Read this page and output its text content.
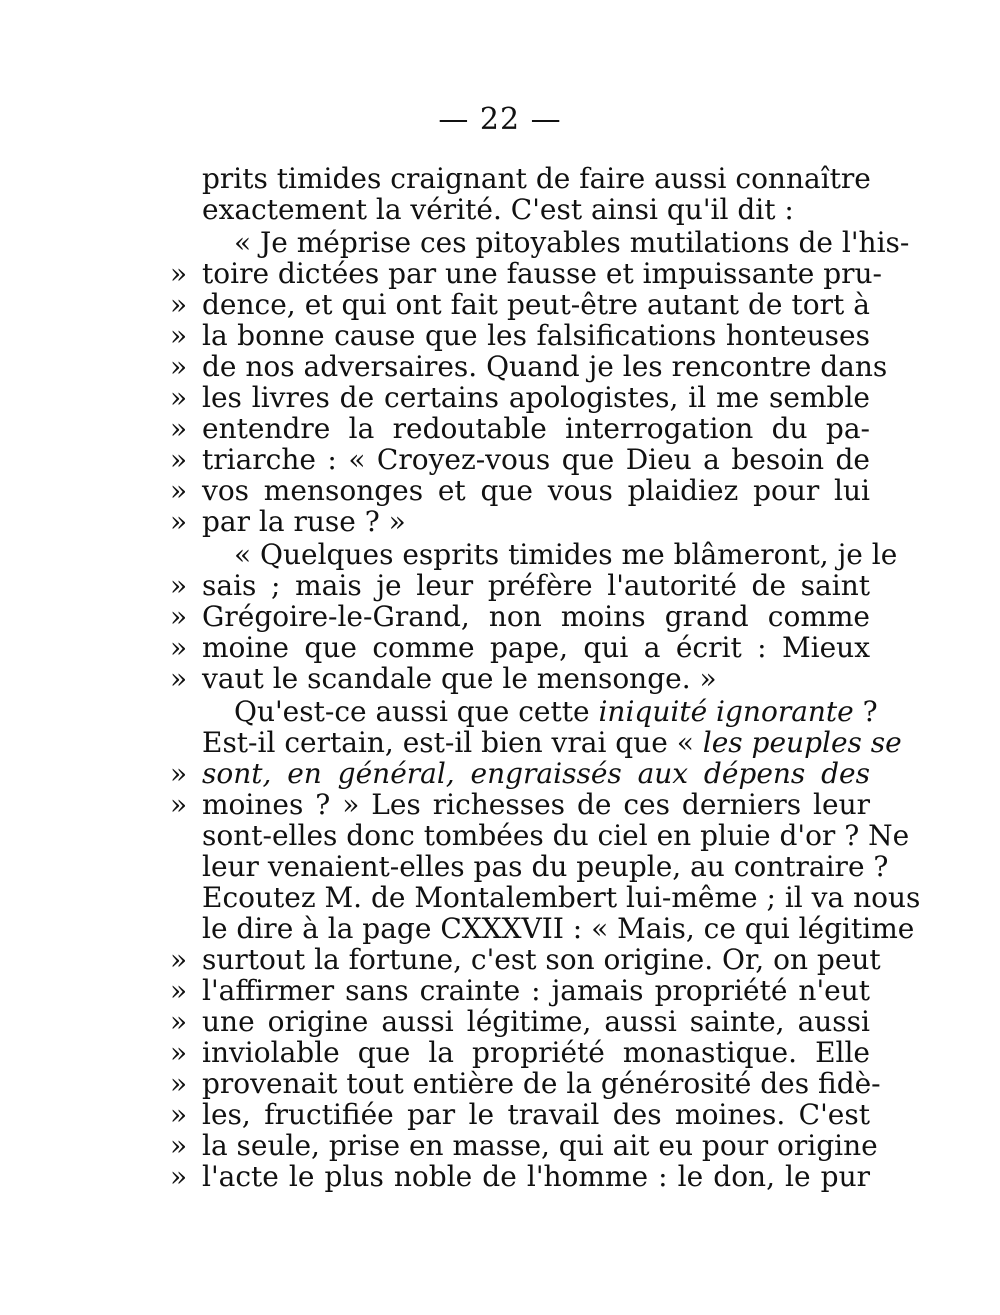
— 22 —
prits timides craignant de faire aussi connaître
exactement la vérité. C'est ainsi qu'il dit :
« Je méprise ces pitoyables mutilations de l'his-
» toire dictées par une fausse et impuissante pru-
» dence, et qui ont fait peut-être autant de tort à
» la bonne cause que les falsifications honteuses
» de nos adversaires. Quand je les rencontre dans
» les livres de certains apologistes, il me semble
» entendre la redoutable interrogation du pa-
» triarche : « Croyez-vous que Dieu a besoin de
» vos mensonges et que vous plaidiez pour lui
» par la ruse ? »
« Quelques esprits timides me blâmeront, je le
» sais ; mais je leur préfère l'autorité de saint
» Grégoire-le-Grand, non moins grand comme
» moine que comme pape, qui a écrit : Mieux
» vaut le scandale que le mensonge. »
Qu'est-ce aussi que cette iniquité ignorante ?
Est-il certain, est-il bien vrai que « les peuples se
» sont, en général, engraissés aux dépens des
» moines ? » Les richesses de ces derniers leur
sont-elles donc tombées du ciel en pluie d'or ? Ne
leur venaient-elles pas du peuple, au contraire ?
Ecoutez M. de Montalembert lui-même ; il va nous
le dire à la page CXXXVII : « Mais, ce qui légitime
» surtout la fortune, c'est son origine. Or, on peut
» l'affirmer sans crainte : jamais propriété n'eut
» une origine aussi légitime, aussi sainte, aussi
» inviolable que la propriété monastique. Elle
» provenait tout entière de la générosité des fidè-
» les, fructifiée par le travail des moines. C'est
» la seule, prise en masse, qui ait eu pour origine
» l'acte le plus noble de l'homme : le don, le pur
